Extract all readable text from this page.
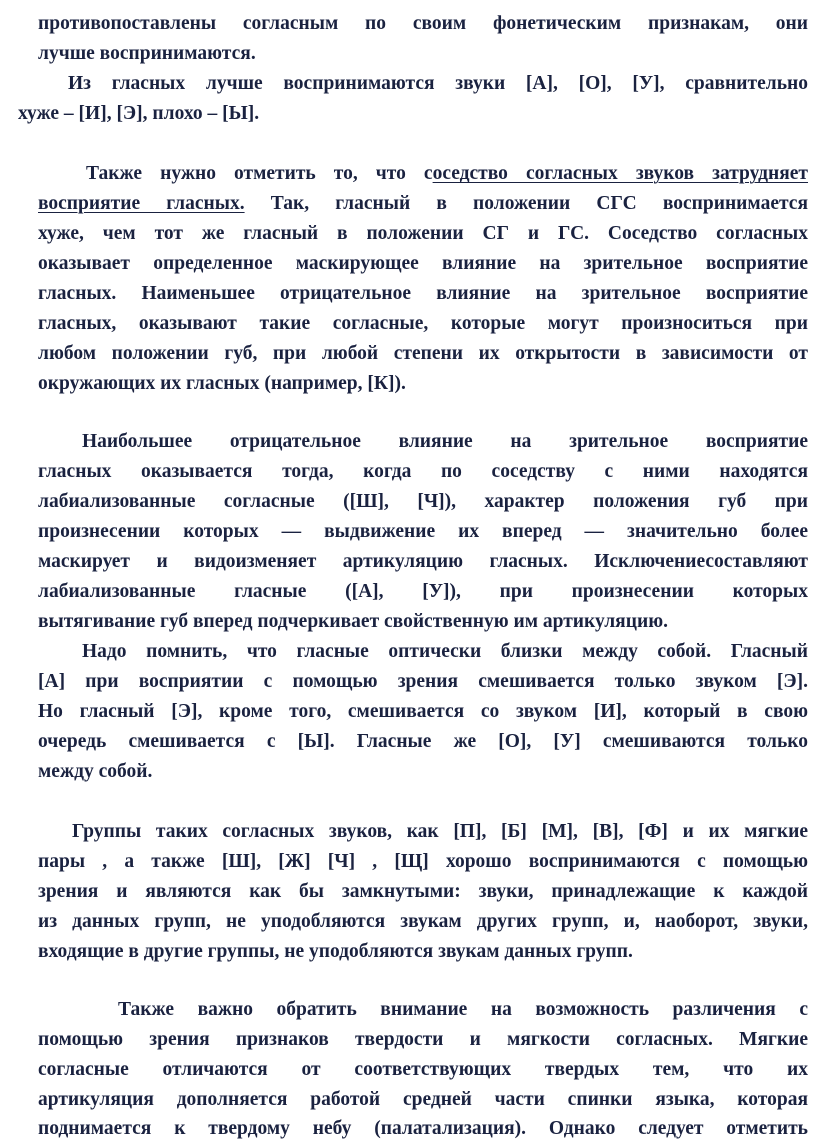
противопоставлены согласным по своим фонетическим признакам, они
лучше воспринимаются.
Из гласных лучше воспринимаются звуки [А], [О], [У], сравнительно
хуже – [И], [Э], плохо – [Ы].
Также нужно отметить то, что соседство согласных звуков затрудняет
восприятие гласных. Так, гласный в положении СГС воспринимается
хуже, чем тот же гласный в положении СГ и ГС. Соседство согласных
оказывает определенное маскирующее влияние на зрительное восприятие
гласных. Наименьшее отрицательное влияние на зрительное восприятие
гласных, оказывают такие согласные, которые могут произноситься при
любом положении губ, при любой степени их открытости в зависимости от
окружающих их гласных (например, [К]).
Наибольшее отрицательное влияние на зрительное восприятие
гласных оказывается тогда, когда по соседству с ними находятся
лабиализованные согласные ([Ш], [Ч]), характер положения губ при
произнесении которых — выдвижение их вперед — значительно более
маскирует и видоизменяет артикуляцию гласных. Исключениесоставляют
лабиализованные гласные ([А], [У]), при произнесении которых
вытягивание губ вперед подчеркивает свойственную им артикуляцию.
Надо помнить, что гласные оптически близки между собой. Гласный
[А] при восприятии с помощью зрения смешивается только звуком [Э].
Но гласный [Э], кроме того, смешивается со звуком [И], который в свою
очередь смешивается с [Ы]. Гласные же [О], [У] смешиваются только
между собой.
Группы таких согласных звуков, как [П], [Б] [М], [В], [Ф] и их мягкие
пары , а также [Ш], [Ж] [Ч] , [Щ] хорошо воспринимаются с помощью
зрения и являются как бы замкнутыми: звуки, принадлежащие к каждой
из данных групп, не уподобляются звукам других групп, и, наоборот, звуки,
входящие в другие группы, не уподобляются звукам данных групп.
Также важно обратить внимание на возможность различения с
помощью зрения признаков твердости и мягкости согласных. Мягкие
согласные отличаются от соответствующих твердых тем, что их
артикуляция дополняется работой средней части спинки языка, которая
поднимается к твердому небу (палатализация). Однако следует отметить
